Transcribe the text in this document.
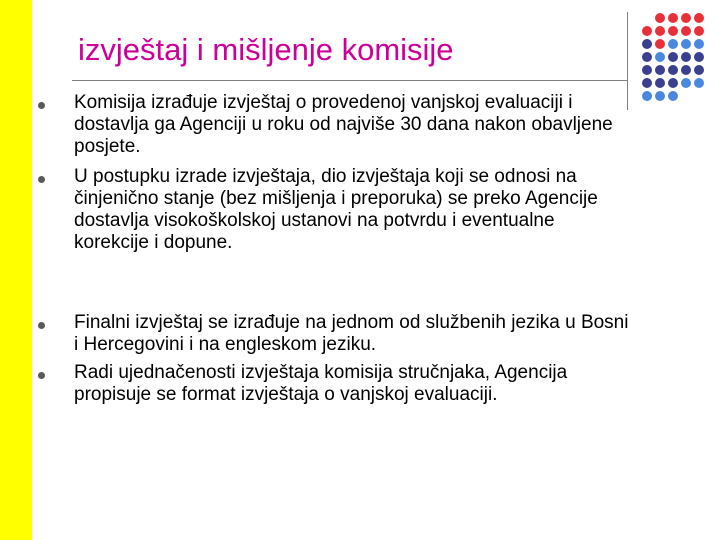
izvještaj i mišljenje komisije
Komisija izrađuje izvještaj o provedenoj vanjskoj evaluaciji i dostavlja ga Agenciji u roku od najviše 30 dana nakon obavljene posjete.
U postupku izrade izvještaja, dio izvještaja koji se odnosi na činjenično stanje (bez mišljenja i preporuka) se preko Agencije dostavlja visokoškolskoj ustanovi na potvrdu i eventualne korekcije i dopune.
Finalni izvještaj se izrađuje na jednom od službenih jezika u Bosni i Hercegovini i na engleskom jeziku.
Radi ujednačenosti izvještaja komisija stručnjaka, Agencija propisuje se format izvještaja o vanjskoj evaluaciji.
